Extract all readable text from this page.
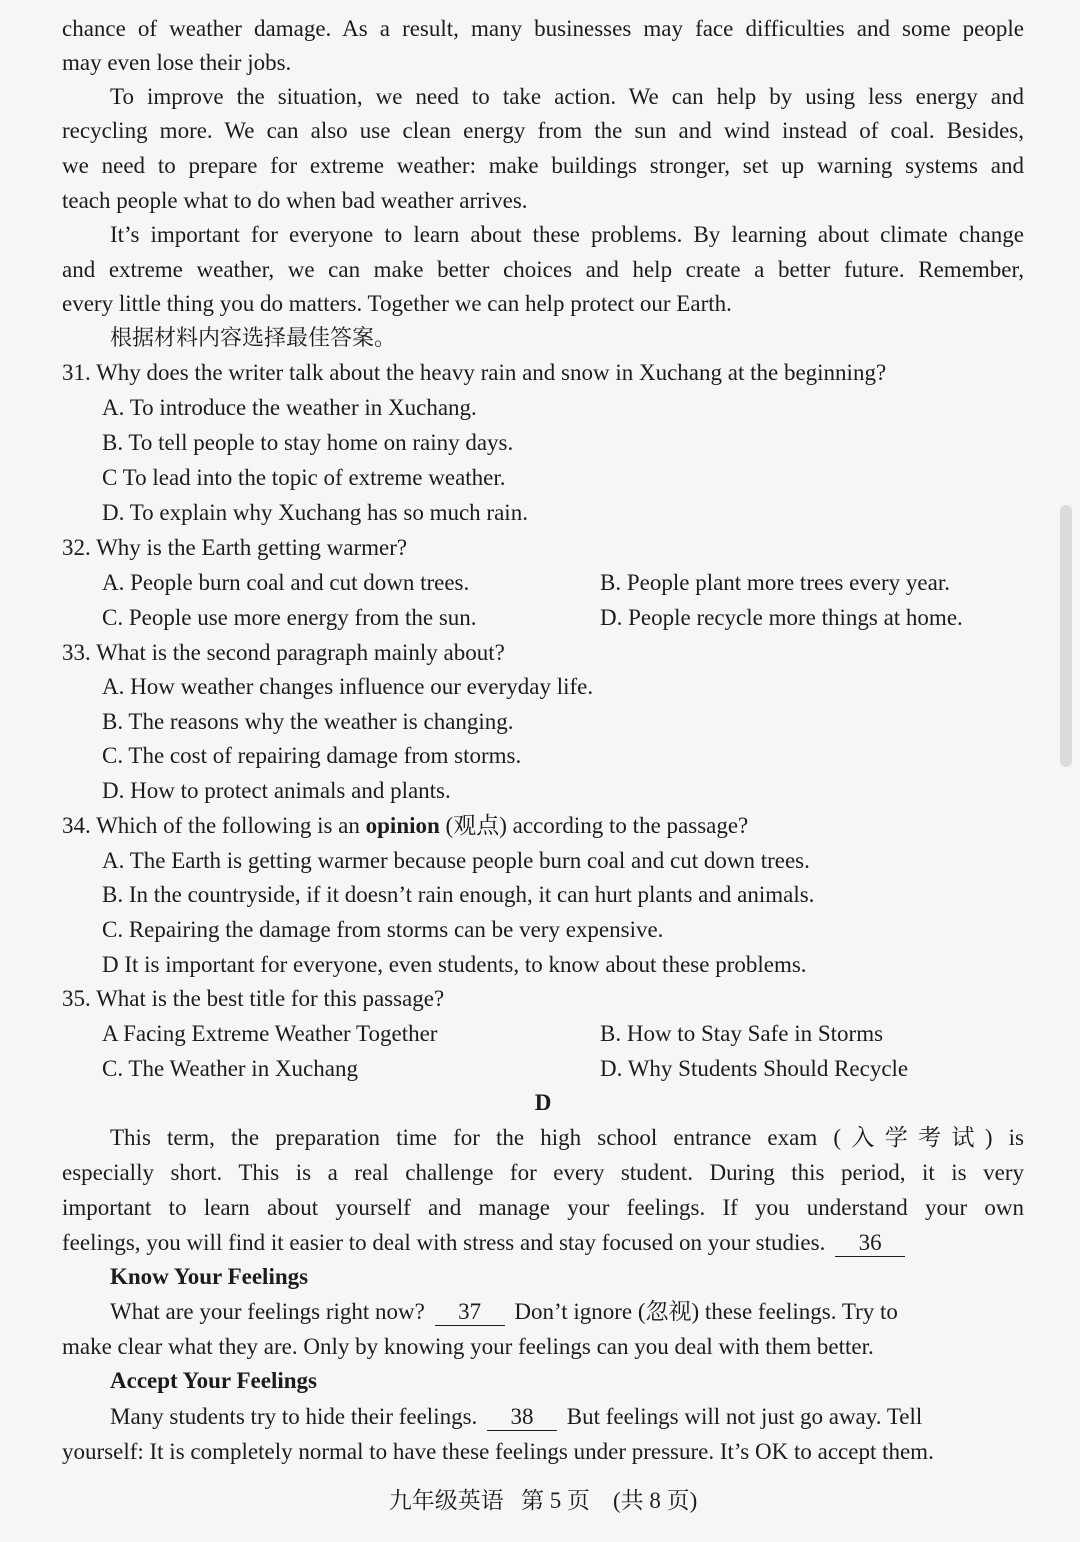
chance of weather damage. As a result, many businesses may face difficulties and some people
may even lose their jobs.
To improve the situation, we need to take action. We can help by using less energy and
recycling more. We can also use clean energy from the sun and wind instead of coal. Besides,
we need to prepare for extreme weather: make buildings stronger, set up warning systems and
teach people what to do when bad weather arrives.
It’s important for everyone to learn about these problems. By learning about climate change
and extreme weather, we can make better choices and help create a better future. Remember,
every little thing you do matters. Together we can help protect our Earth.
根据材料内容选择最佳答案。
31. Why does the writer talk about the heavy rain and snow in Xuchang at the beginning?
A. To introduce the weather in Xuchang.
B. To tell people to stay home on rainy days.
C To lead into the topic of extreme weather.
D. To explain why Xuchang has so much rain.
32. Why is the Earth getting warmer?
A. People burn coal and cut down trees.	B. People plant more trees every year.
C. People use more energy from the sun.	D. People recycle more things at home.
33. What is the second paragraph mainly about?
A. How weather changes influence our everyday life.
B. The reasons why the weather is changing.
C. The cost of repairing damage from storms.
D. How to protect animals and plants.
34. Which of the following is an opinion (观点) according to the passage?
A. The Earth is getting warmer because people burn coal and cut down trees.
B. In the countryside, if it doesn’t rain enough, it can hurt plants and animals.
C. Repairing the damage from storms can be very expensive.
D It is important for everyone, even students, to know about these problems.
35. What is the best title for this passage?
A Facing Extreme Weather Together	B. How to Stay Safe in Storms
C. The Weather in Xuchang	D. Why Students Should Recycle
D
This term, the preparation time for the high school entrance exam (入学考试) is
especially short. This is a real challenge for every student. During this period, it is very
important to learn about yourself and manage your feelings. If you understand your own
feelings, you will find it easier to deal with stress and stay focused on your studies. 36
Know Your Feelings
What are your feelings right now? 37 Don’t ignore (忽视) these feelings. Try to
make clear what they are. Only by knowing your feelings can you deal with them better.
Accept Your Feelings
Many students try to hide their feelings. 38 But feelings will not just go away. Tell
yourself: It is completely normal to have these feelings under pressure. It’s OK to accept them.
九年级英语 第 5 页 (共 8 页)
